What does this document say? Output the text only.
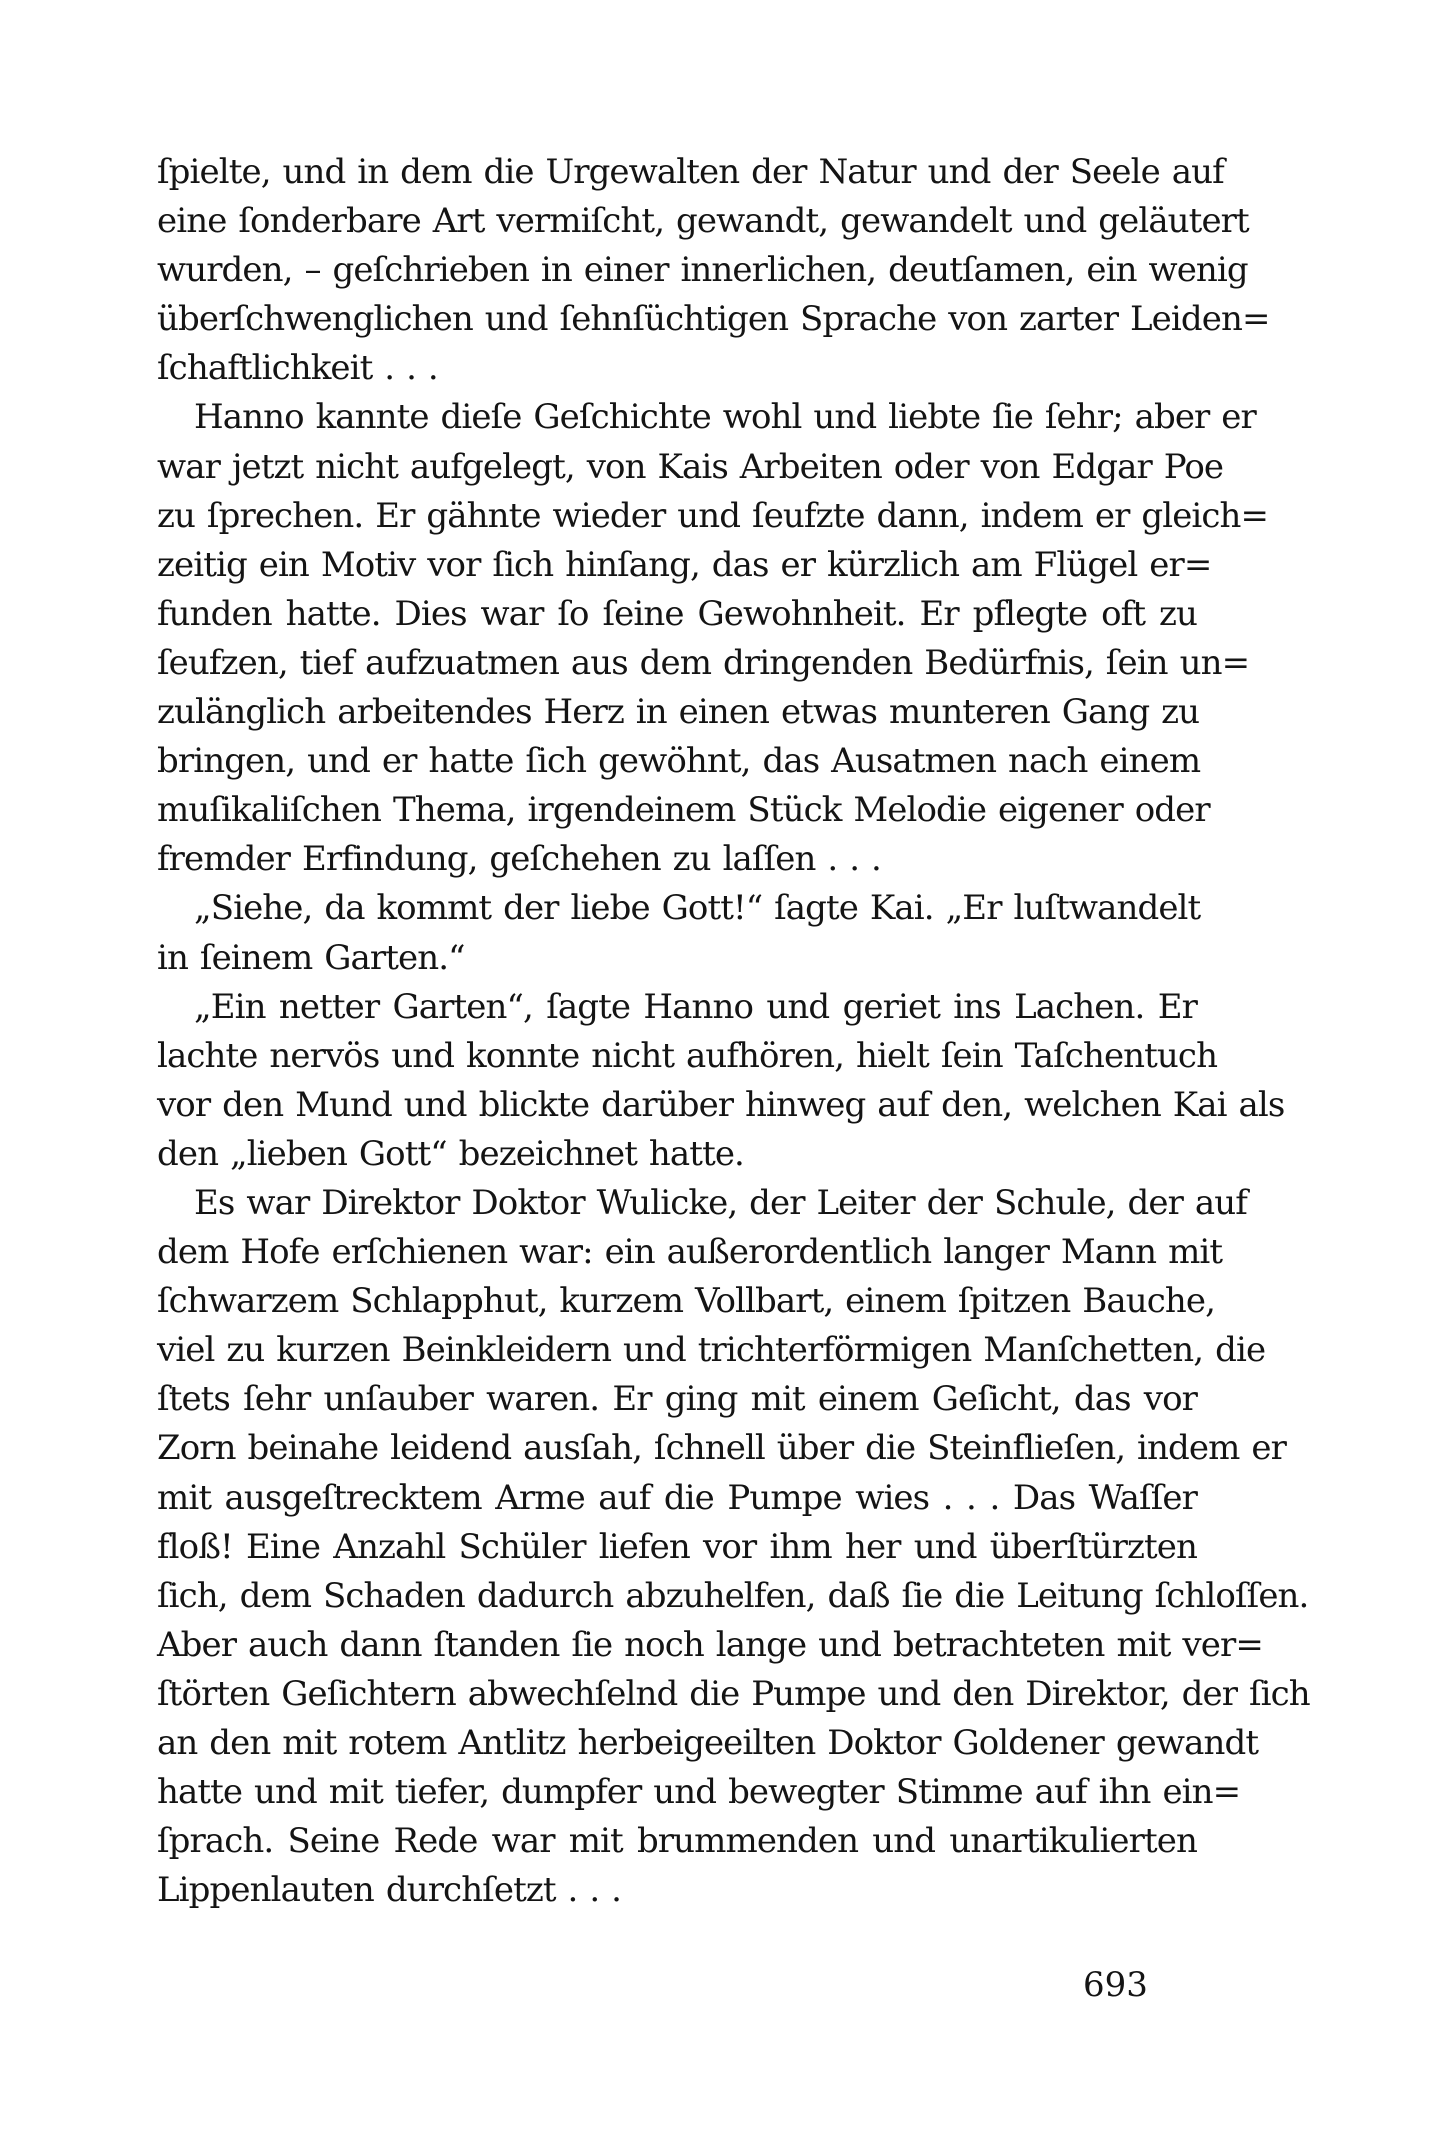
ſpielte, und in dem die Urgewalten der Natur und der Seele auf
eine ſonderbare Art vermiſcht, gewandt, gewandelt und geläutert
wurden, – geſchrieben in einer innerlichen, deutſamen, ein wenig
überſchwenglichen und ſehnſüchtigen Sprache von zarter Leiden=
ſchaftlichkeit . . .
Hanno kannte dieſe Geſchichte wohl und liebte ſie ſehr; aber er
war jetzt nicht aufgelegt, von Kais Arbeiten oder von Edgar Poe
zu ſprechen. Er gähnte wieder und ſeufzte dann, indem er gleich=
zeitig ein Motiv vor ſich hinſang, das er kürzlich am Flügel er=
funden hatte. Dies war ſo ſeine Gewohnheit. Er pflegte oft zu
ſeufzen, tief aufzuatmen aus dem dringenden Bedürfnis, ſein un=
zulänglich arbeitendes Herz in einen etwas munteren Gang zu
bringen, und er hatte ſich gewöhnt, das Ausatmen nach einem
muſikaliſchen Thema, irgendeinem Stück Melodie eigener oder
fremder Erfindung, geſchehen zu laſſen . . .
„Siehe, da kommt der liebe Gott!“ ſagte Kai. „Er luſtwandelt
in ſeinem Garten.“
„Ein netter Garten“, ſagte Hanno und geriet ins Lachen. Er
lachte nervös und konnte nicht aufhören, hielt ſein Taſchentuch
vor den Mund und blickte darüber hinweg auf den, welchen Kai als
den „lieben Gott“ bezeichnet hatte.
Es war Direktor Doktor Wulicke, der Leiter der Schule, der auf
dem Hofe erſchienen war: ein außerordentlich langer Mann mit
ſchwarzem Schlapphut, kurzem Vollbart, einem ſpitzen Bauche,
viel zu kurzen Beinkleidern und trichterförmigen Manſchetten, die
ſtets ſehr unſauber waren. Er ging mit einem Geſicht, das vor
Zorn beinahe leidend ausſah, ſchnell über die Steinflieſen, indem er
mit ausgeſtrecktem Arme auf die Pumpe wies . . . Das Waſſer
floß! Eine Anzahl Schüler liefen vor ihm her und überſtürzten
ſich, dem Schaden dadurch abzuhelfen, daß ſie die Leitung ſchloſſen.
Aber auch dann ſtanden ſie noch lange und betrachteten mit ver=
ſtörten Geſichtern abwechſelnd die Pumpe und den Direktor, der ſich
an den mit rotem Antlitz herbeigeeilten Doktor Goldener gewandt
hatte und mit tiefer, dumpfer und bewegter Stimme auf ihn ein=
ſprach. Seine Rede war mit brummenden und unartikulierten
Lippenlauten durchſetzt . . .
693
